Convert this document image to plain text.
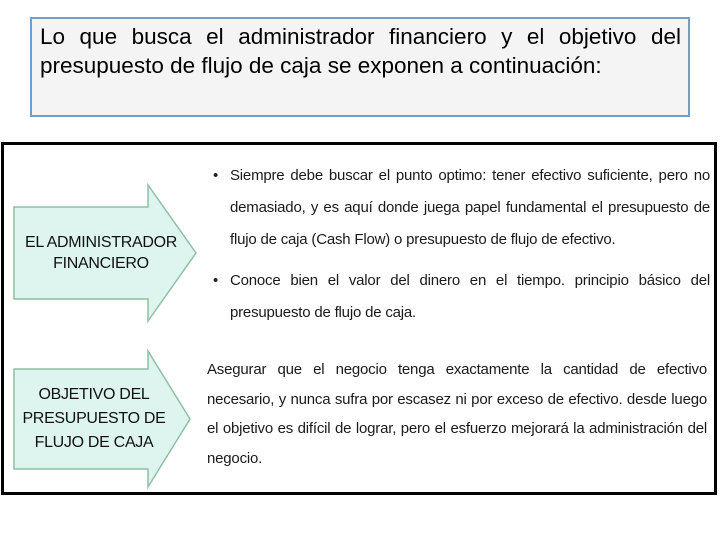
Lo que busca el administrador financiero y el objetivo del presupuesto de flujo de caja se exponen a continuación:

EL ADMINISTRADOR FINANCIERO
OBJETIVO DEL PRESUPUESTO DE FLUJO DE CAJA
• Siempre debe buscar el punto optimo: tener efectivo suficiente, pero no demasiado, y es aquí donde juega papel fundamental el presupuesto de flujo de caja (Cash Flow) o presupuesto de flujo de efectivo.
• Conoce bien el valor del dinero en el tiempo. principio básico del presupuesto de flujo de caja.
Asegurar que el negocio tenga exactamente la cantidad de efectivo necesario, y nunca sufra por escasez ni por exceso de efectivo. desde luego el objetivo es difícil de lograr, pero el esfuerzo mejorará la administración del negocio.
